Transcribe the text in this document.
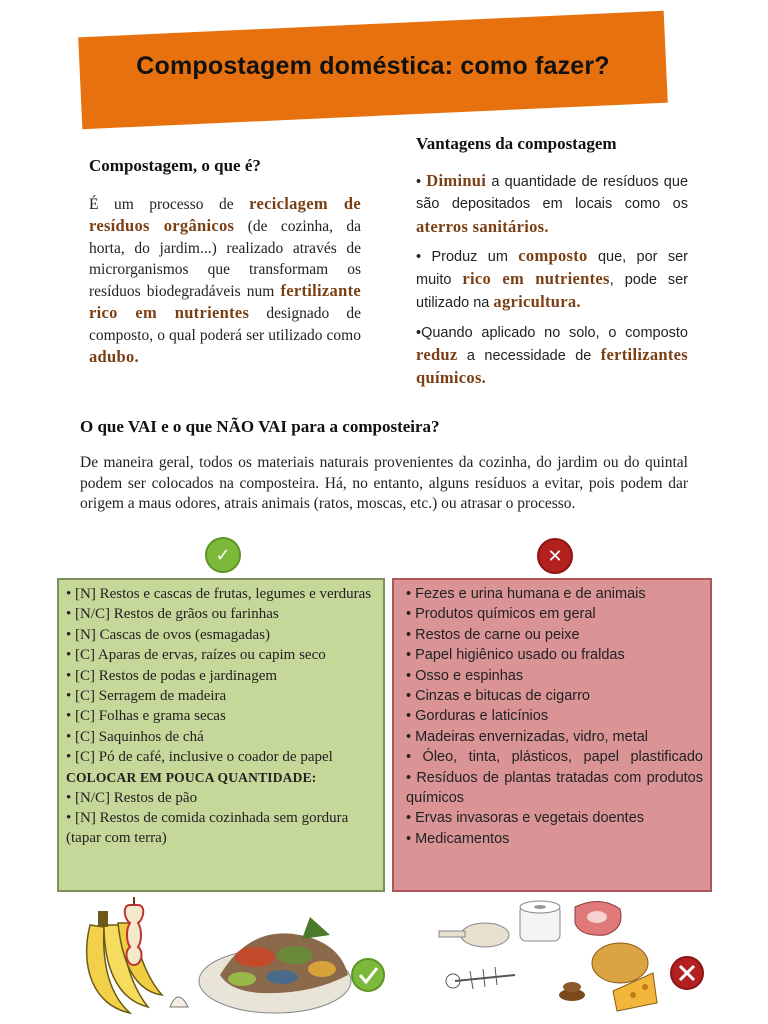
Compostagem doméstica: como fazer?
Compostagem, o que é?

É um processo de reciclagem de resíduos orgânicos (de cozinha, da horta, do jardim...) realizado através de microrganismos que transformam os resíduos biodegradáveis num fertilizante rico em nutrientes designado de composto, o qual poderá ser utilizado como adubo.

Vantagens da compostagem

• Diminui a quantidade de resíduos que são depositados em locais como os aterros sanitários.

• Produz um composto que, por ser muito rico em nutrientes, pode ser utilizado na agricultura.

•Quando aplicado no solo, o composto reduz a necessidade de fertilizantes químicos.

O que VAI e o que NÃO VAI para a composteira?

De maneira geral, todos os materiais naturais provenientes da cozinha, do jardim ou do quintal podem ser colocados na composteira. Há, no entanto, alguns resíduos a evitar, pois podem dar origem a maus odores, atrais animais (ratos, moscas, etc.) ou atrasar o processo.

✓	✕
• [N] Restos e cascas de frutas, legumes e verduras
• [N/C] Restos de grãos ou farinhas
• [N] Cascas de ovos (esmagadas)
• [C] Aparas de ervas, raízes ou capim seco
• [C] Restos de podas e jardinagem
• [C] Serragem de madeira
• [C] Folhas e grama secas
• [C] Saquinhos de chá
• [C] Pó de café, inclusive o coador de papel
COLOCAR EM POUCA QUANTIDADE:
• [N/C] Restos de pão
• [N] Restos de comida cozinhada sem gordura (tapar com terra)
• Fezes e urina humana e de animais
• Produtos químicos em geral
• Restos de carne ou peixe
• Papel higiênico usado ou fraldas
• Osso e espinhas
• Cinzas e bitucas de cigarro
• Gorduras e laticínios
• Madeiras envernizadas, vidro, metal
• Óleo, tinta, plásticos, papel plastificado
• Resíduos de plantas tratadas com produtos químicos
• Ervas invasoras e vegetais doentes
• Medicamentos
